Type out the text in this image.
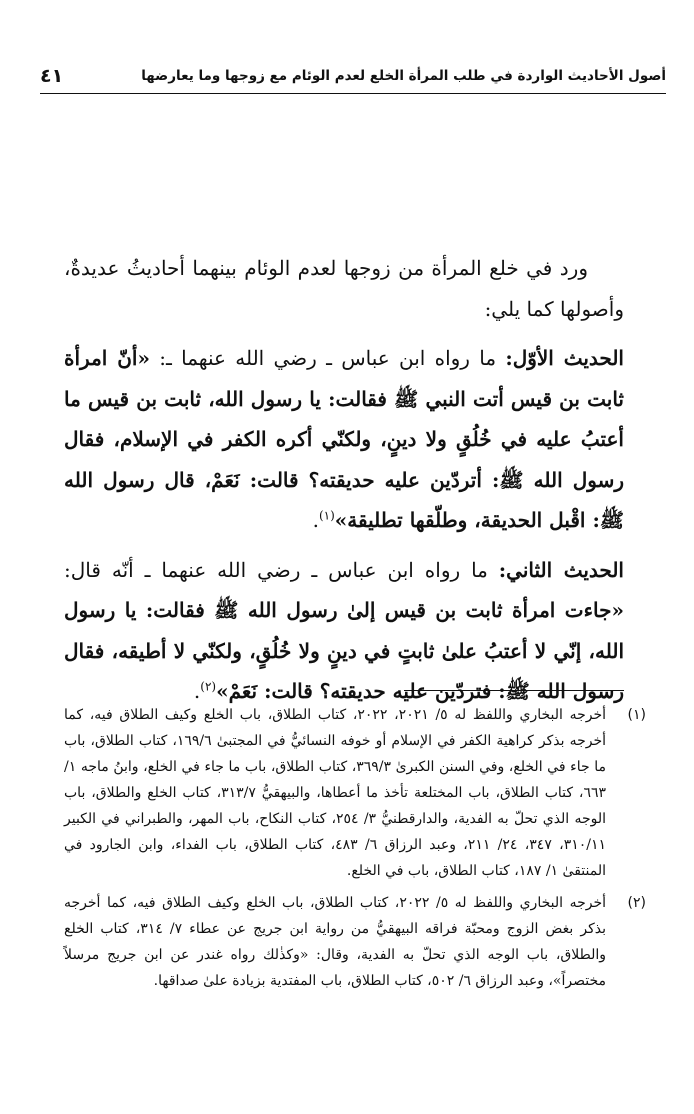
أصول الأحاديث الواردة في طلب المرأة الخلع لعدم الوئام مع زوجها وما يعارضها
٤١

ورد في خلع المرأة من زوجها لعدم الوئام بينهما أحاديثُ عديدةٌ، وأصولها كما يلي:

الحديث الأوّل: ما رواه ابن عباس ـ رضي الله عنهما ـ: «أنّ امرأة ثابت بن قيس أتت النبي ﷺ فقالت: يا رسول الله، ثابت بن قيس ما أعتبُ عليه في خُلُقٍ ولا دينٍ، ولكنّي أكره الكفر في الإسلام، فقال رسول الله ﷺ: أتردّين عليه حديقته؟ قالت: نَعَمْ، قال رسول الله ﷺ: اقْبل الحديقة، وطلّقها تطليقة»$^{(١)}$.

الحديث الثاني: ما رواه ابن عباس ـ رضي الله عنهما ـ أنّه قال: «جاءت امرأة ثابت بن قيس إلىٰ رسول الله ﷺ فقالت: يا رسول الله، إنّي لا أعتبُ علىٰ ثابتٍ في دينٍ ولا خُلُقٍ، ولكنّي لا أطيقه، فقال رسول الله ﷺ: فتردّين عليه حديقته؟ قالت: نَعَمْ»$^{(٢)}$.

(١)
أخرجه البخاري واللفظ له ٥/ ٢٠٢١، ٢٠٢٢، كتاب الطلاق، باب الخلع وكيف الطلاق فيه، كما أخرجه بذكر كراهية الكفر في الإسلام أو خوفه النسائيُّ في المجتبىٰ ١٦٩/٦، كتاب الطلاق، باب ما جاء في الخلع، وفي السنن الكبرىٰ ٣٦٩/٣، كتاب الطلاق، باب ما جاء في الخلع، وابنُ ماجه ١/ ٦٦٣، كتاب الطلاق، باب المختلعة تأخذ ما أعطاها، والبيهقيُّ ٣١٣/٧، كتاب الخلع والطلاق، باب الوجه الذي تحلّ به الفدية، والدارقطنيُّ ٣/ ٢٥٤، كتاب النكاح، باب المهر، والطبراني في الكبير ٣١٠/١١، ٣٤٧، ٢٤/ ٢١١، وعبد الرزاق ٦/ ٤٨٣، كتاب الطلاق، باب الفداء، وابن الجارود في المنتقىٰ ١/ ١٨٧، كتاب الطلاق، باب في الخلع.
(٢)
أخرجه البخاري واللفظ له ٥/ ٢٠٢٢، كتاب الطلاق، باب الخلع وكيف الطلاق فيه، كما أخرجه بذكر بغض الزوج ومحبّة فراقه البيهقيُّ من رواية ابن جريج عن عطاء ٧/ ٣١٤، كتاب الخلع والطلاق، باب الوجه الذي تحلّ به الفدية، وقال: «وكذٰلك رواه غندر عن ابن جريج مرسلاً مختصراً»، وعبد الرزاق ٦/ ٥٠٢، كتاب الطلاق، باب المفتدية بزيادة علىٰ صداقها.
